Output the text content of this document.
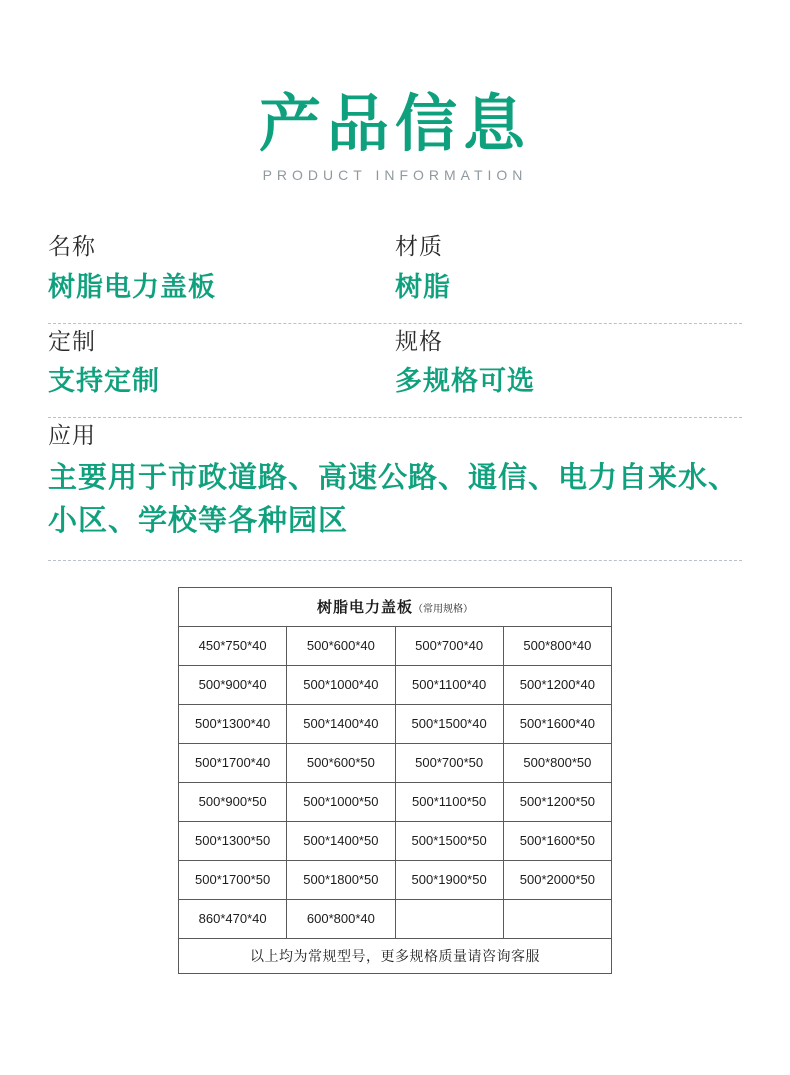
产品信息
PRODUCT INFORMATION
名称
树脂电力盖板
材质
树脂
定制
支持定制
规格
多规格可选
应用
主要用于市政道路、高速公路、通信、电力自来水、小区、学校等各种园区
树脂电力盖板（常用规格）			
450*750*40	500*600*40	500*700*40	500*800*40
500*900*40	500*1000*40	500*1100*40	500*1200*40
500*1300*40	500*1400*40	500*1500*40	500*1600*40
500*1700*40	500*600*50	500*700*50	500*800*50
500*900*50	500*1000*50	500*1100*50	500*1200*50
500*1300*50	500*1400*50	500*1500*50	500*1600*50
500*1700*50	500*1800*50	500*1900*50	500*2000*50
860*470*40	600*800*40		
以上均为常规型号，更多规格质量请咨询客服			
